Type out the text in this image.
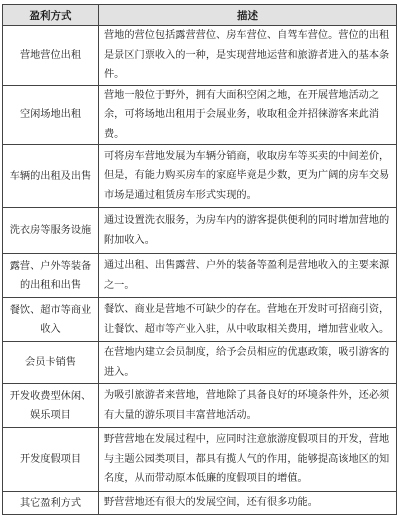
盈利方式	描述
营地营位出租	营地的营位包括露营营位、房车营位、自驾车营位。营位的出租是景区门票收入的一种，是实现营地运营和旅游者进入的基本条件。
空闲场地出租	营地一般位于野外，拥有大面积空闲之地，在开展营地活动之余，可将场地出租用于会展业务，收取租金并招徕游客来此消费。
车辆的出租及出售	可将房车营地发展为车辆分销商，收取房车等买卖的中间差价，但是，有能力购买房车的家庭毕竟是少数，更为广阔的房车交易市场是通过租赁房车形式实现的。
洗衣房等服务设施	通过设置洗衣服务，为房车内的游客提供便利的同时增加营地的附加收入。
露营、户外等装备的出租和出售	通过出租、出售露营、户外的装备等盈利是营地收入的主要来源之一。
餐饮、超市等商业收入	餐饮、商业是营地不可缺少的存在。营地在开发时可招商引资，让餐饮、超市等产业入驻，从中收取相关费用，增加营业收入。
会员卡销售	在营地内建立会员制度，给予会员相应的优惠政策，吸引游客的进入。
开发收费型休闲、娱乐项目	为吸引旅游者来营地，营地除了具备良好的环境条件外，还必须有大量的游乐项目丰富营地活动。
开发度假项目	野营营地在发展过程中，应同时注意旅游度假项目的开发，营地与主题公园类项目，都具有揽人气的作用，能够提高该地区的知名度，从而带动原本低廉的度假项目的增值。
其它盈利方式	野营营地还有很大的发展空间，还有很多功能。
